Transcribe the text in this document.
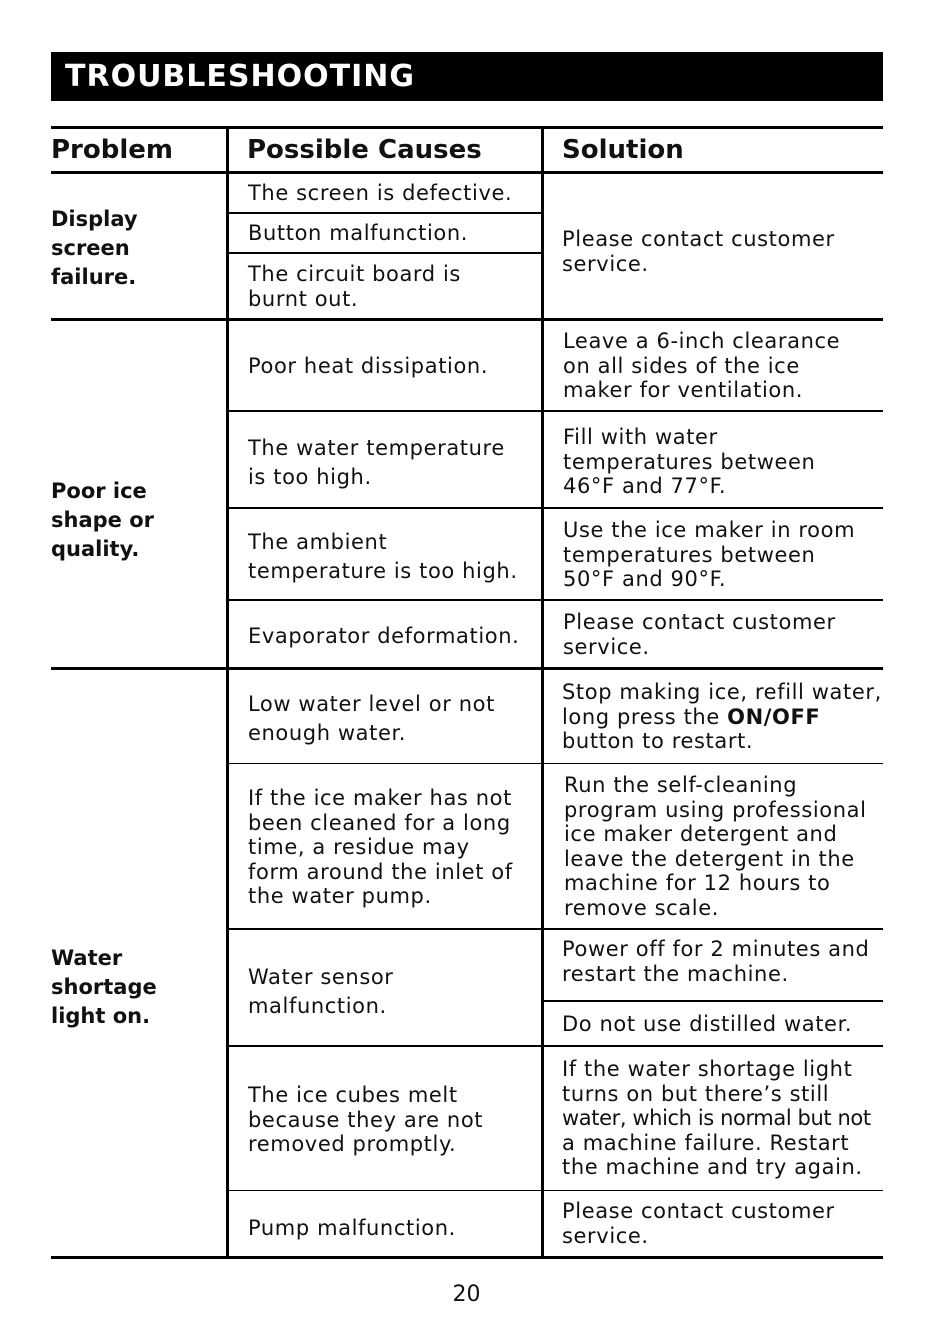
TROUBLESHOOTING
Problem	Possible Causes	Solution
Display
screen
failure.
Poor ice
shape or
quality.
Water
shortage
light on.
The screen is defective.
Button malfunction.
The circuit board is
burnt out.
Please contact customer
service.
Poor heat dissipation.
The water temperature
is too high.
The ambient
temperature is too high.
Evaporator deformation.
Leave a 6-inch clearance
on all sides of the ice
maker for ventilation.
Fill with water
temperatures between
46°F and 77°F.
Use the ice maker in room
temperatures between
50°F and 90°F.
Please contact customer
service.
Low water level or not
enough water.
If the ice maker has not
been cleaned for a long
time, a residue may
form around the inlet of
the water pump.
Water sensor
malfunction.
The ice cubes melt
because they are not
removed promptly.
Pump malfunction.
Stop making ice, refill water,
long press the ON/OFF
button to restart.
Run the self-cleaning
program using professional
ice maker detergent and
leave the detergent in the
machine for 12 hours to
remove scale.
Power off for 2 minutes and
restart the machine.
Do not use distilled water.
If the water shortage light
turns on but there’s still
water, which is normal but not
a machine failure. Restart
the machine and try again.
Please contact customer
service.
20
